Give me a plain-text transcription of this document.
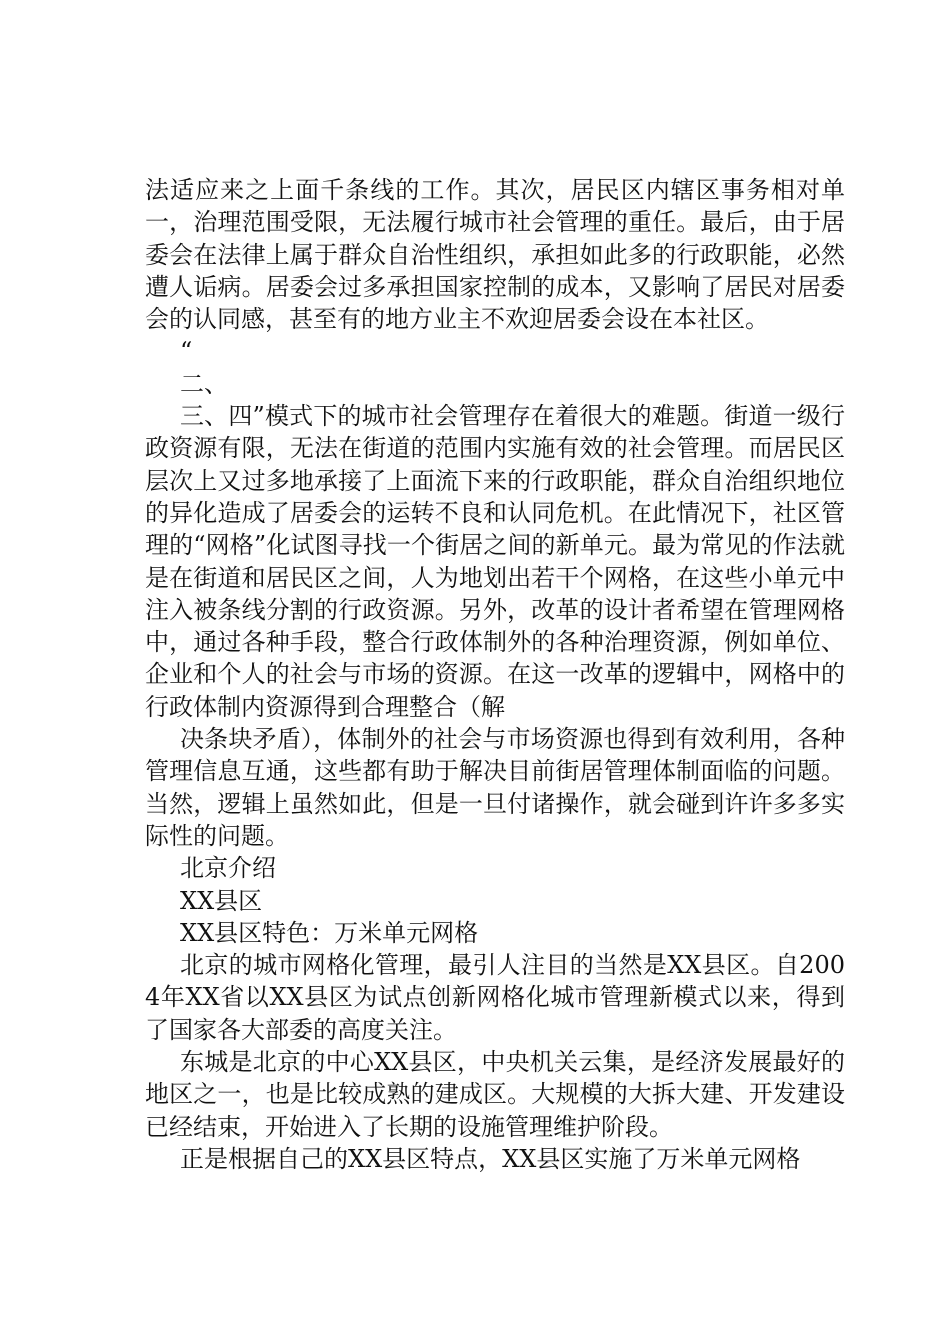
法适应来之上面千条线的工作。其次，居民区内辖区事务相对单一，治理范围受限，无法履行城市社会管理的重任。最后，由于居委会在法律上属于群众自治性组织，承担如此多的行政职能，必然遭人诟病。居委会过多承担国家控制的成本，又影响了居民对居委会的认同感，甚至有的地方业主不欢迎居委会设在本社区。

“

二、

三、四”模式下的城市社会管理存在着很大的难题。街道一级行政资源有限，无法在街道的范围内实施有效的社会管理。而居民区层次上又过多地承接了上面流下来的行政职能，群众自治组织地位的异化造成了居委会的运转不良和认同危机。在此情况下，社区管理的“网格”化试图寻找一个街居之间的新单元。最为常见的作法就是在街道和居民区之间，人为地划出若干个网格，在这些小单元中注入被条线分割的行政资源。另外，改革的设计者希望在管理网格中，通过各种手段，整合行政体制外的各种治理资源，例如单位、企业和个人的社会与市场的资源。在这一改革的逻辑中，网格中的行政体制内资源得到合理整合（解

决条块矛盾），体制外的社会与市场资源也得到有效利用，各种管理信息互通，这些都有助于解决目前街居管理体制面临的问题。当然，逻辑上虽然如此，但是一旦付诸操作，就会碰到许许多多实际性的问题。

北京介绍

XX县区

XX县区特色：万米单元网格

北京的城市网格化管理，最引人注目的当然是XX县区。自2004年XX省以XX县区为试点创新网格化城市管理新模式以来，得到了国家各大部委的高度关注。

东城是北京的中心XX县区，中央机关云集，是经济发展最好的地区之一，也是比较成熟的建成区。大规模的大拆大建、开发建设已经结束，开始进入了长期的设施管理维护阶段。

正是根据自己的XX县区特点，XX县区实施了万米单元网格
